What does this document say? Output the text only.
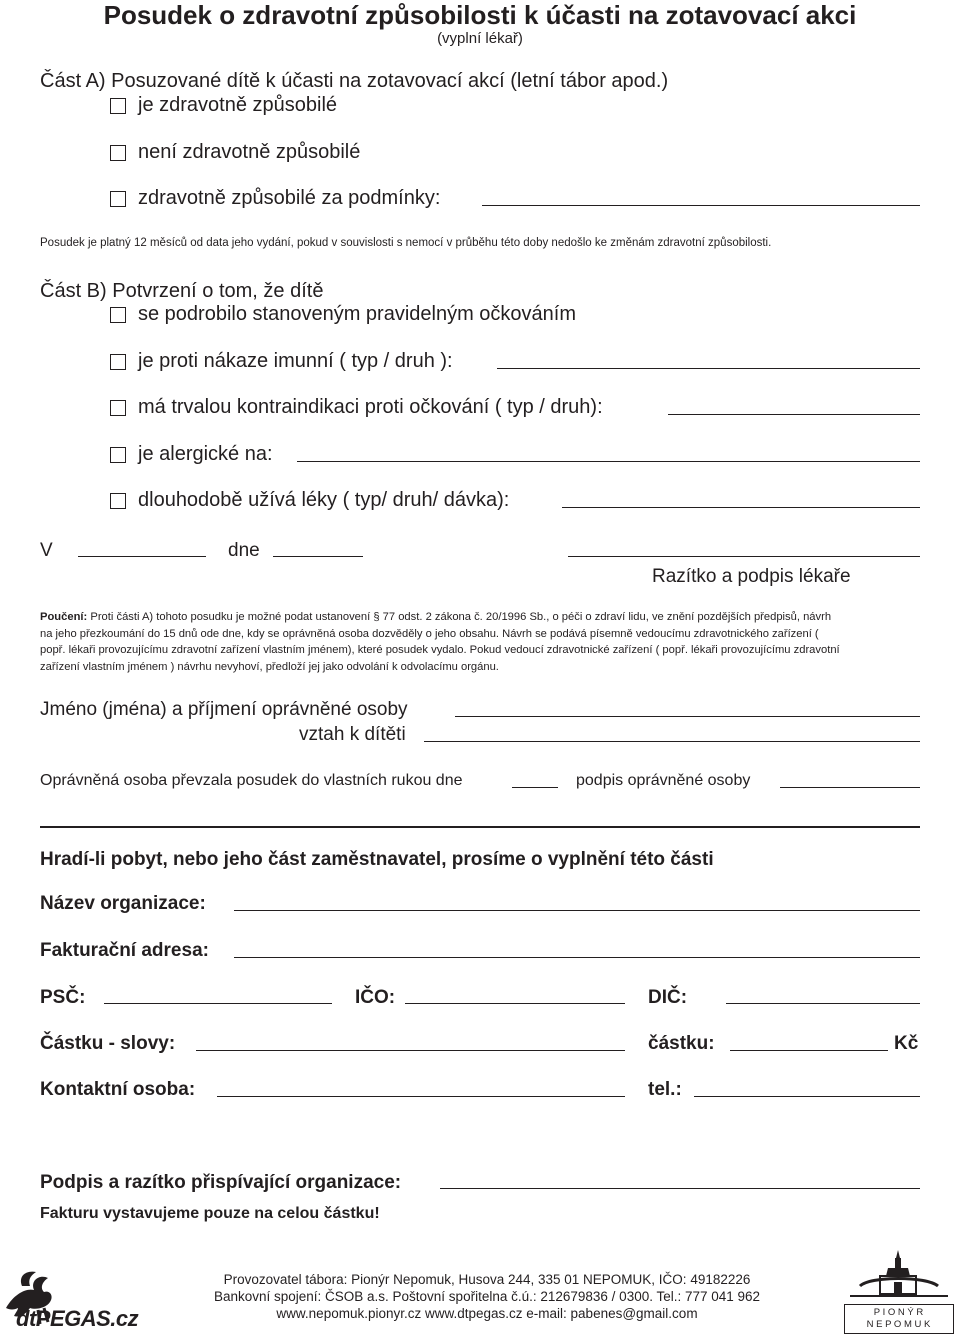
Posudek o zdravotní způsobilosti k účasti na zotavovací akci
(vyplní lékař)
Část A) Posuzované dítě k účasti na zotavovací akcí (letní tábor apod.)
je zdravotně způsobilé
není zdravotně způsobilé
zdravotně způsobilé za podmínky:
Posudek je platný 12 měsíců od data jeho vydání, pokud v souvislosti s nemocí v průběhu této doby nedošlo ke změnám zdravotní způsobilosti.
Část B) Potvrzení o tom, že dítě
se podrobilo stanoveným pravidelným očkováním
je proti nákaze imunní ( typ / druh ):
má trvalou kontraindikaci proti očkování ( typ / druh):
je alergické na:
dlouhodobě užívá léky ( typ/ druh/ dávka):
V	dne
Razítko a podpis lékaře
Poučení: Proti části A) tohoto posudku je možné podat ustanovení § 77 odst. 2 zákona č. 20/1996 Sb., o péči o zdraví lidu, ve znění pozdějších předpisů, návrh
na jeho přezkoumání do 15 dnů ode dne, kdy se oprávněná osoba dozvěděly o jeho obsahu. Návrh se podává písemně vedoucímu zdravotnického zařízení (
popř. lékaři provozujícímu zdravotní zařízení vlastním jménem), které posudek vydalo. Pokud vedoucí zdravotnické zařízení ( popř. lékaři provozujícímu zdravotní
zařízení vlastním jménem ) návrhu nevyhoví, předloží jej jako odvolání k odvolacímu orgánu.
Jméno (jména) a příjmení oprávněné osoby
vztah k dítěti
Oprávněná osoba převzala posudek do vlastních rukou dne	podpis oprávněné osoby
Hradí-li pobyt, nebo jeho část zaměstnavatel, prosíme o vyplnění této části
Název organizace:
Fakturační adresa:
PSČ:	IČO:	DIČ:
Částku - slovy:	částku:	Kč
Kontaktní osoba:	tel.:
Podpis a razítko přispívající organizace:
Fakturu vystavujeme pouze na celou částku!
Provozovatel tábora: Pionýr Nepomuk, Husova 244, 335 01 NEPOMUK, IČO: 49182226
Bankovní spojení: ČSOB a.s. Poštovní spořitelna č.ú.: 212679836 / 0300. Tel.: 777 041 962
www.nepomuk.pionyr.cz www.dtpegas.cz e-mail: pabenes@gmail.com
dtPEGAS.cz	P I O N Ý R
N E P O M U K
